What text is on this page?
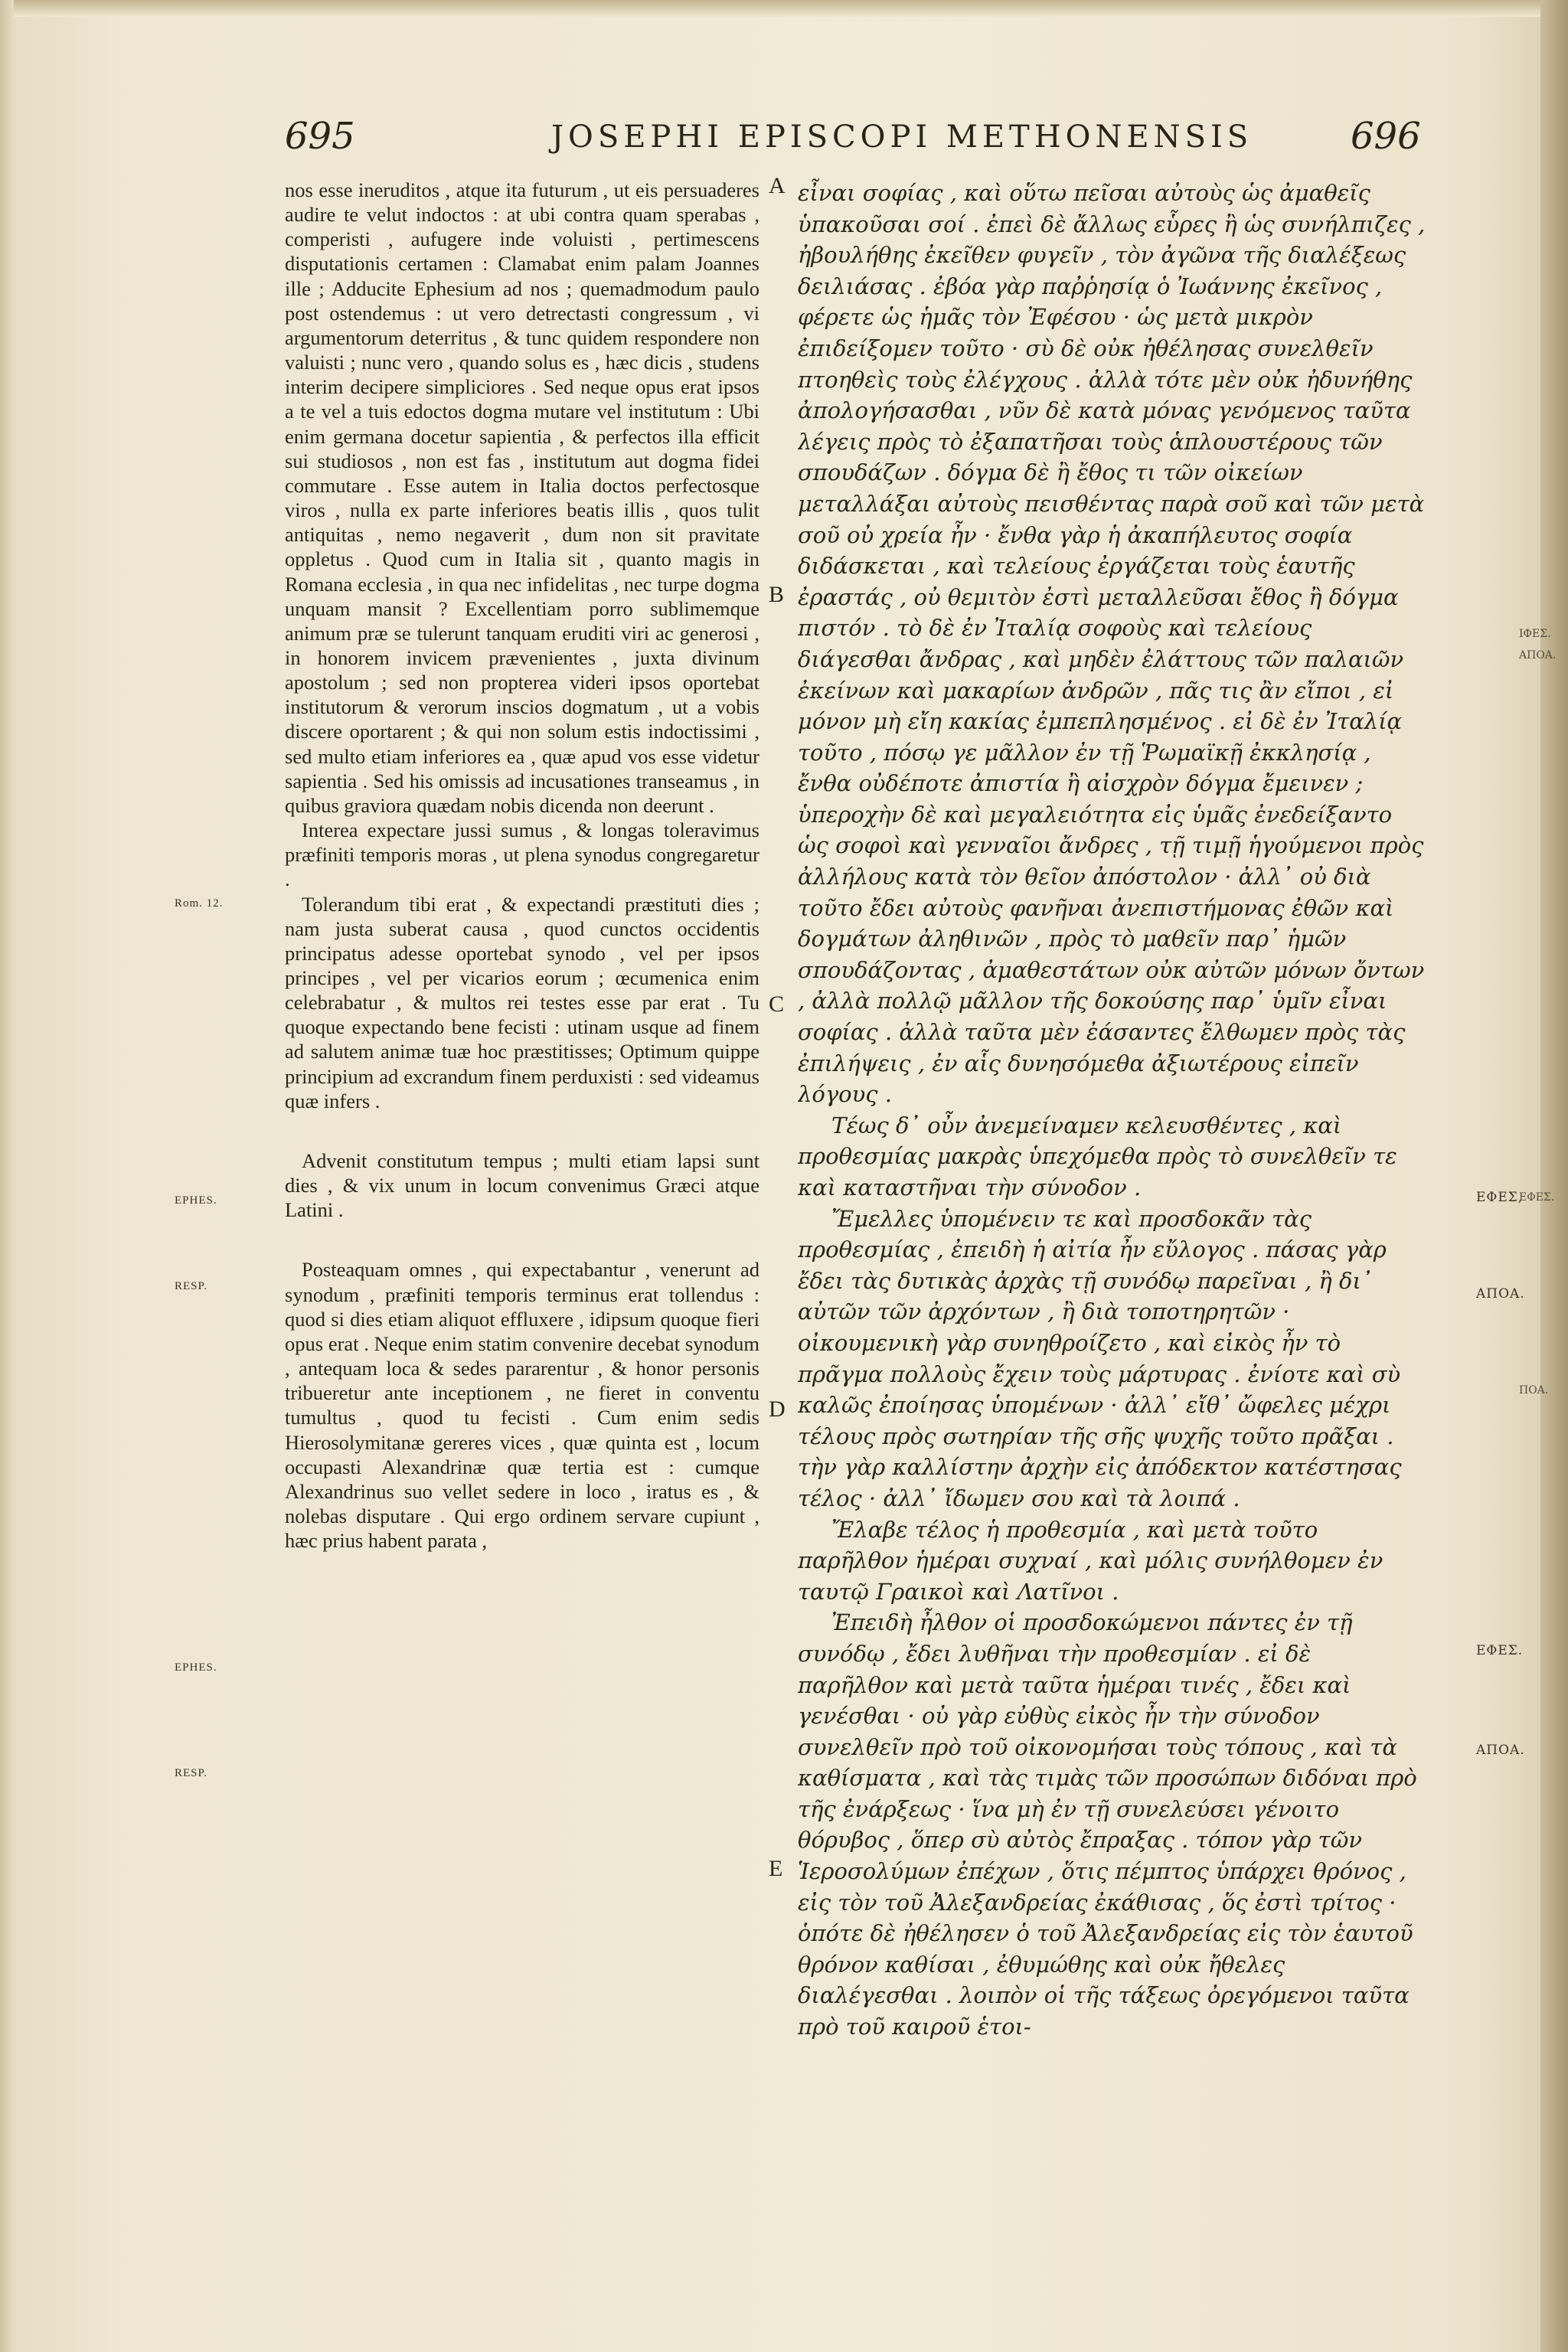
695	JOSEPHI EPISCOPI METHONENSIS	696
Rom. 12.
EPHES.
RESP.
EPHES.
RESP.
A
B
C
D
E
ΙΦΕΣ.
ΑΠΟΑ.
ΕΦΕΣ,
ΕΦΕΣ.
ΑΠΟΑ.
ΠΟΑ.
ΕΦΕΣ.
ΑΠΟΑ.

nos esse ineruditos , atque ita futurum , ut eis persuaderes audire te velut indoctos : at ubi contra quam sperabas , comperisti , aufugere inde voluisti , pertimescens disputationis certamen : Clamabat enim palam Joannes ille ; Adducite Ephesium ad nos ; quemadmodum paulo post ostendemus : ut vero detrectasti congressum , vi argumentorum deterritus , & tunc quidem respondere non valuisti ; nunc vero , quando solus es , hæc dicis , studens interim decipere simpliciores . Sed neque opus erat ipsos a te vel a tuis edoctos dogma mutare vel institutum : Ubi enim germana docetur sapientia , & perfectos illa efficit sui studiosos , non est fas , institutum aut dogma fidei commutare . Esse autem in Italia doctos perfectosque viros , nulla ex parte inferiores beatis illis , quos tulit antiquitas , nemo negaverit , dum non sit pravitate oppletus . Quod cum in Italia sit , quanto magis in Romana ecclesia , in qua nec infidelitas , nec turpe dogma unquam mansit ? Excellentiam porro sublimemque animum præ se tulerunt tanquam eruditi viri ac generosi , in honorem invicem prævenientes , juxta divinum apostolum ; sed non propterea videri ipsos oportebat institutorum & verorum inscios dogmatum , ut a vobis discere oportarent ; & qui non solum estis indoctissimi , sed multo etiam inferiores ea , quæ apud vos esse videtur sapientia . Sed his omissis ad incusationes transeamus , in quibus graviora quædam nobis dicenda non deerunt .

Interea expectare jussi sumus , & longas toleravimus præfiniti temporis moras , ut plena synodus congregaretur .

Tolerandum tibi erat , & expectandi præstituti dies ; nam justa suberat causa , quod cunctos occidentis principatus adesse oportebat synodo , vel per ipsos principes , vel per vicarios eorum ; œcumenica enim celebrabatur , & multos rei testes esse par erat . Tu quoque expectando bene fecisti : utinam usque ad finem ad salutem animæ tuæ hoc præstitisses; Optimum quippe principium ad excrandum finem perduxisti : sed videamus quæ infers .

Advenit constitutum tempus ; multi etiam lapsi sunt dies , & vix unum in locum convenimus Græci atque Latini .

Posteaquam omnes , qui expectabantur , venerunt ad synodum , præfiniti temporis terminus erat tollendus : quod si dies etiam aliquot effluxere , idipsum quoque fieri opus erat . Neque enim statim convenire decebat synodum , antequam loca & sedes pararentur , & honor personis tribueretur ante inceptionem , ne fieret in conventu tumultus , quod tu fecisti . Cum enim sedis Hierosolymitanæ gereres vices , quæ quinta est , locum occupasti Alexandrinæ quæ tertia est : cumque Alexandrinus suo vellet sedere in loco , iratus es , & nolebas disputare . Qui ergo ordinem servare cupiunt , hæc prius habent parata ,

εἶναι σοφίας , καὶ οὕτω πεῖσαι αὐτοὺς ὡς ἀμαθεῖς ὑπακοῦσαι σοί . ἐπεὶ δὲ ἄλλως εὗρες ἢ ὡς συνήλπιζες , ἠβουλήθης ἐκεῖθεν φυγεῖν , τὸν ἀγῶνα τῆς διαλέξεως δειλιάσας . ἐβόα γὰρ παῤῥησίᾳ ὁ Ἰωάννης ἐκεῖνος , φέρετε ὡς ἡμᾶς τὸν Ἐφέσου · ὡς μετὰ μικρὸν ἐπιδείξομεν τοῦτο · σὺ δὲ οὐκ ἠθέλησας συνελθεῖν πτοηθεὶς τοὺς ἐλέγχους . ἀλλὰ τότε μὲν οὐκ ἠδυνήθης ἀπολογήσασθαι , νῦν δὲ κατὰ μόνας γενόμενος ταῦτα λέγεις πρὸς τὸ ἐξαπατῆσαι τοὺς ἁπλουστέρους τῶν σπουδάζων . δόγμα δὲ ἢ ἔθος τι τῶν οἰκείων μεταλλάξαι αὐτοὺς πεισθέντας παρὰ σοῦ καὶ τῶν μετὰ σοῦ οὐ χρεία ἦν · ἔνθα γὰρ ἡ ἀκαπήλευτος σοφία διδάσκεται , καὶ τελείους ἐργάζεται τοὺς ἑαυτῆς ἐραστάς , οὐ θεμιτὸν ἐστὶ μεταλλεῦσαι ἔθος ἢ δόγμα πιστόν . τὸ δὲ ἐν Ἰταλίᾳ σοφοὺς καὶ τελείους διάγεσθαι ἄνδρας , καὶ μηδὲν ἐλάττους τῶν παλαιῶν ἐκείνων καὶ μακαρίων ἀνδρῶν , πᾶς τις ἂν εἴποι , εἰ μόνον μὴ εἴη κακίας ἐμπεπλησμένος . εἰ δὲ ἐν Ἰταλίᾳ τοῦτο , πόσῳ γε μᾶλλον ἐν τῇ Ῥωμαϊκῇ ἐκκλησίᾳ , ἔνθα οὐδέποτε ἀπιστία ἢ αἰσχρὸν δόγμα ἔμεινεν ; ὑπεροχὴν δὲ καὶ μεγαλειότητα εἰς ὑμᾶς ἐνεδείξαντο ὡς σοφοὶ καὶ γενναῖοι ἄνδρες , τῇ τιμῇ ἡγούμενοι πρὸς ἀλλήλους κατὰ τὸν θεῖον ἀπόστολον · ἀλλ᾽ οὐ διὰ τοῦτο ἔδει αὐτοὺς φανῆναι ἀνεπιστήμονας ἐθῶν καὶ δογμάτων ἀληθινῶν , πρὸς τὸ μαθεῖν παρ᾽ ἡμῶν σπουδάζοντας , ἀμαθεστάτων οὐκ αὐτῶν μόνων ὄντων , ἀλλὰ πολλῷ μᾶλλον τῆς δοκούσης παρ᾽ ὑμῖν εἶναι σοφίας . ἀλλὰ ταῦτα μὲν ἐάσαντες ἔλθωμεν πρὸς τὰς ἐπιλήψεις , ἐν αἷς δυνησόμεθα ἀξιωτέρους εἰπεῖν λόγους .

Τέως δ᾽ οὖν ἀνεμείναμεν κελευσθέντες , καὶ προθεσμίας μακρὰς ὑπεχόμεθα πρὸς τὸ συνελθεῖν τε καὶ καταστῆναι τὴν σύνοδον .

Ἔμελλες ὑπομένειν τε καὶ προσδοκᾶν τὰς προθεσμίας , ἐπειδὴ ἡ αἰτία ἦν εὔλογος . πάσας γὰρ ἔδει τὰς δυτικὰς ἀρχὰς τῇ συνόδῳ παρεῖναι , ἢ δι᾽ αὐτῶν τῶν ἀρχόντων , ἢ διὰ τοποτηρητῶν · οἰκουμενικὴ γὰρ συνηθροίζετο , καὶ εἰκὸς ἦν τὸ πρᾶγμα πολλοὺς ἔχειν τοὺς μάρτυρας . ἐνίοτε καὶ σὺ καλῶς ἐποίησας ὑπομένων · ἀλλ᾽ εἴθ᾽ ὤφελες μέχρι τέλους πρὸς σωτηρίαν τῆς σῆς ψυχῆς τοῦτο πρᾶξαι . τὴν γὰρ καλλίστην ἀρχὴν εἰς ἀπόδεκτον κατέστησας τέλος · ἀλλ᾽ ἴδωμεν σου καὶ τὰ λοιπά .

Ἔλαβε τέλος ἡ προθεσμία , καὶ μετὰ τοῦτο παρῆλθον ἡμέραι συχναί , καὶ μόλις συνήλθομεν ἐν ταυτῷ Γραικοὶ καὶ Λατῖνοι .

Ἐπειδὴ ἦλθον οἱ προσδοκώμενοι πάντες ἐν τῇ συνόδῳ , ἔδει λυθῆναι τὴν προθεσμίαν . εἰ δὲ παρῆλθον καὶ μετὰ ταῦτα ἡμέραι τινές , ἔδει καὶ γενέσθαι · οὐ γὰρ εὐθὺς εἰκὸς ἦν τὴν σύνοδον συνελθεῖν πρὸ τοῦ οἰκονομήσαι τοὺς τόπους , καὶ τὰ καθίσματα , καὶ τὰς τιμὰς τῶν προσώπων διδόναι πρὸ τῆς ἐνάρξεως · ἵνα μὴ ἐν τῇ συνελεύσει γένοιτο θόρυβος , ὅπερ σὺ αὐτὸς ἔπραξας . τόπον γὰρ τῶν Ἱεροσολύμων ἐπέχων , ὅτις πέμπτος ὑπάρχει θρόνος , εἰς τὸν τοῦ Ἀλεξανδρείας ἐκάθισας , ὅς ἐστὶ τρίτος · ὁπότε δὲ ἠθέλησεν ὁ τοῦ Ἀλεξανδρείας εἰς τὸν ἑαυτοῦ θρόνον καθίσαι , ἐθυμώθης καὶ οὐκ ἤθελες διαλέγεσθαι . λοιπὸν οἱ τῆς τάξεως ὀρεγόμενοι ταῦτα πρὸ τοῦ καιροῦ ἑτοι-
